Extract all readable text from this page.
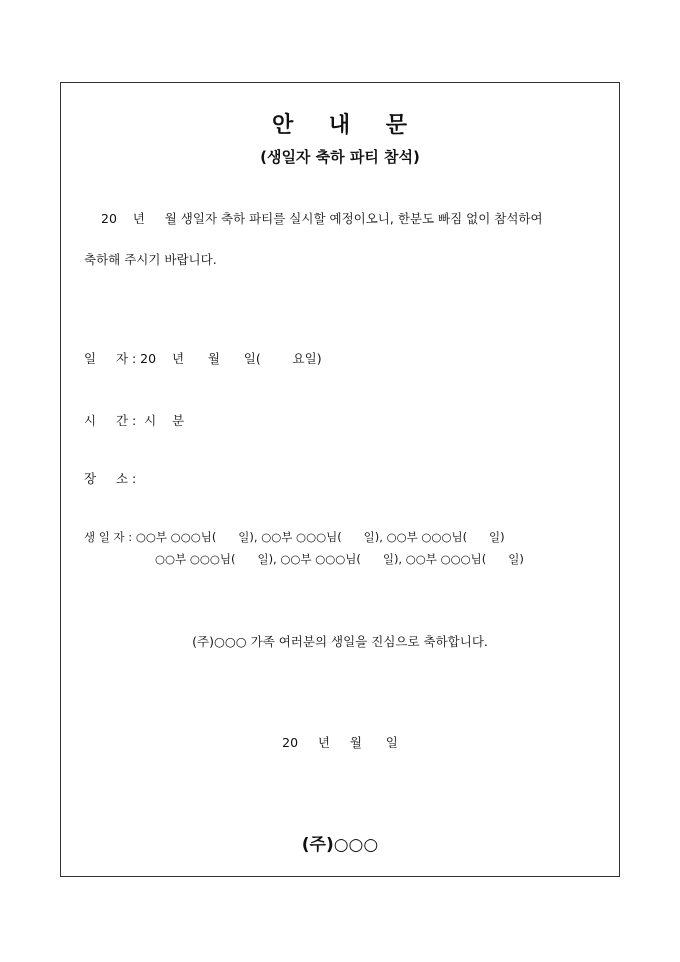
안    내    문
(생일자 축하 파티 참석)
20    년     월 생일자 축하 파티를 실시할 예정이오니, 한분도 빠짐 없이 참석하여
축하해 주시기 바랍니다.
일     자 : 20    년      월      일(        요일)
시     간 :  시    분
장     소 :
생 일 자 : ○○부 ○○○님(      일), ○○부 ○○○님(      일), ○○부 ○○○님(      일)
○○부 ○○○님(      일), ○○부 ○○○님(      일), ○○부 ○○○님(      일)
(주)○○○ 가족 여러분의 생일을 진심으로 축하합니다.
20     년     월      일
(주)○○○
